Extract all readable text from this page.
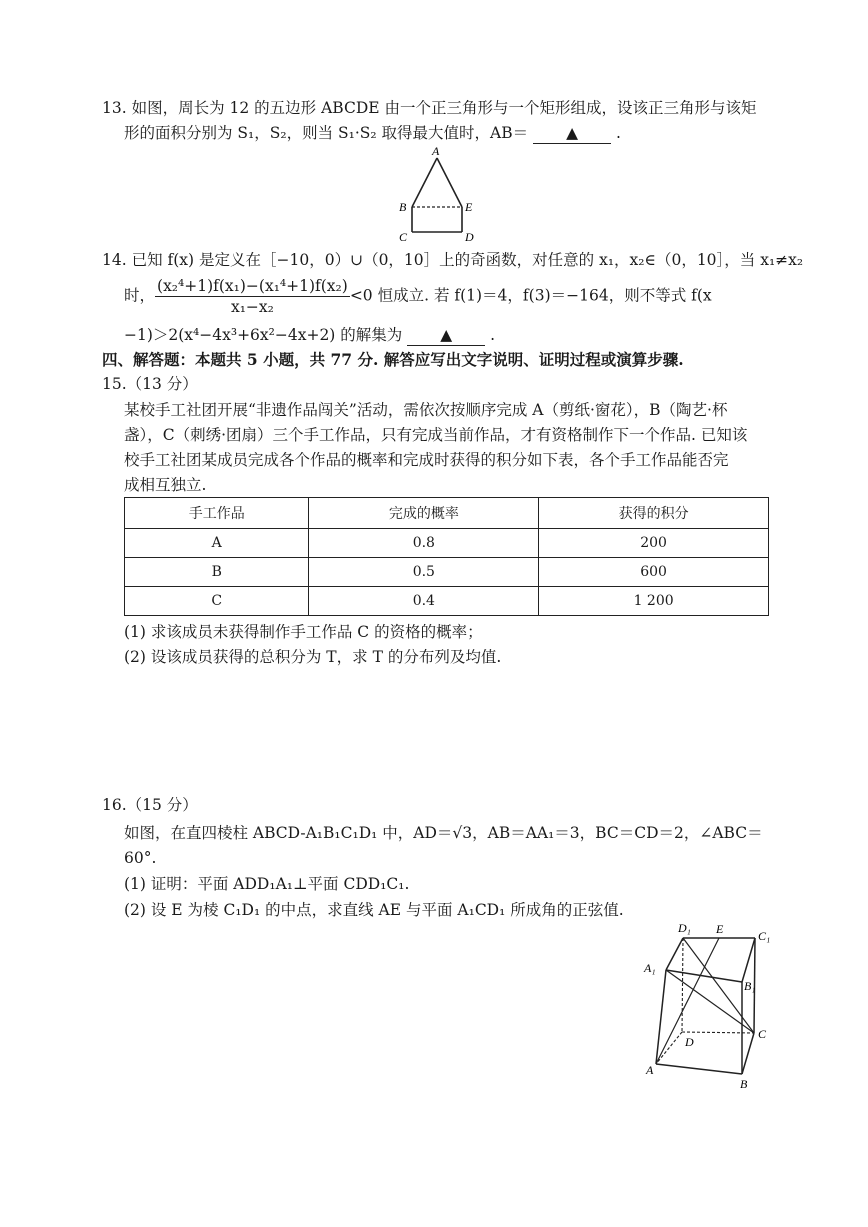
13. 如图，周长为 12 的五边形 ABCDE 由一个正三角形与一个矩形组成，设该正三角形与该矩
形的面积分别为 S₁，S₂，则当 S₁·S₂ 取得最大值时，AB＝ ▲ .
A
B	E
C	D
14. 已知 f(x) 是定义在［−10，0）∪（0，10］上的奇函数，对任意的 x₁，x₂∈（0，10］，当 x₁≠x₂
时， $\frac{\text{(x₂⁴+1)f(x₁)−(x₁⁴+1)f(x₂)}}{\text{x₁−x₂}} <0$ 恒成立. 若 f(1)＝4，f(3)＝−164，则不等式 f(x
−1)＞2(x⁴−4x³+6x²−4x+2) 的解集为 ▲ .
四、解答题：本题共 5 小题，共 77 分. 解答应写出文字说明、证明过程或演算步骤.
15.（13 分）
某校手工社团开展“非遗作品闯关”活动，需依次按顺序完成 A（剪纸·窗花），B（陶艺·杯
盏），C（刺绣·团扇）三个手工作品，只有完成当前作品，才有资格制作下一个作品. 已知该
校手工社团某成员完成各个作品的概率和完成时获得的积分如下表，各个手工作品能否完
成相互独立.
手工作品	完成的概率	获得的积分
A	0.8	200
B	0.5	600
C	0.4	1 200
(1) 求该成员未获得制作手工作品 C 的资格的概率；
(2) 设该成员获得的总积分为 T，求 T 的分布列及均值.
16.（15 分）
如图，在直四棱柱 ABCD-A₁B₁C₁D₁ 中，AD＝√3，AB＝AA₁＝3，BC＝CD＝2，∠ABC＝
60°.
(1) 证明：平面 ADD₁A₁⊥平面 CDD₁C₁.
(2) 设 E 为棱 C₁D₁ 的中点，求直线 AE 与平面 A₁CD₁ 所成角的正弦值.
D₁ E	C₁
A₁
B₁
D
C
A
B
